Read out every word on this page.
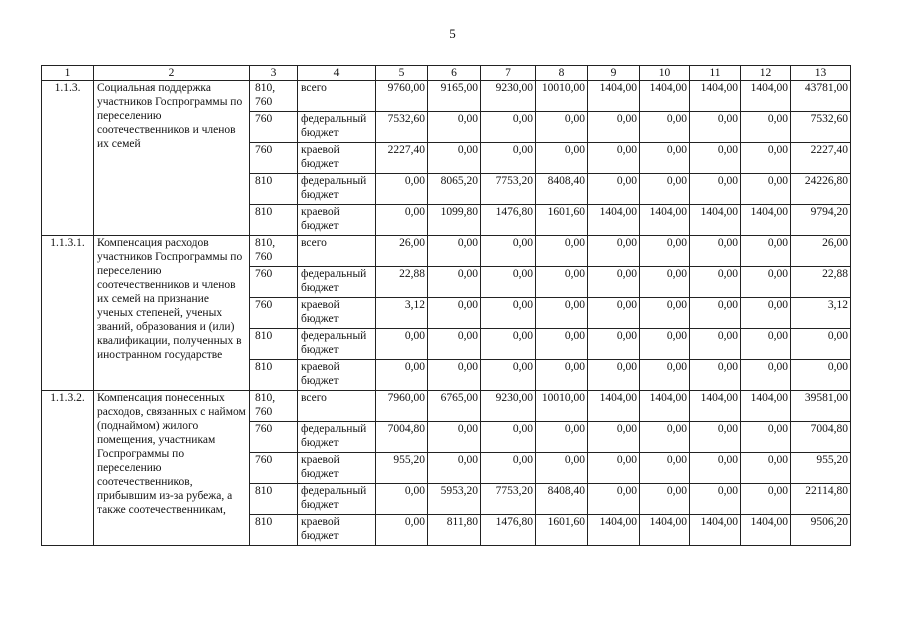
5
1	2	3	4	5	6	7	8	9	10	11	12	13
1.1.3.	Социальная поддержка участников Госпрограммы по переселению соотечественников и членов их семей	810, 760	всего	9760,00	9165,00	9230,00	10010,00	1404,00	1404,00	1404,00	1404,00	43781,00
		760	федеральный бюджет	7532,60	0,00	0,00	0,00	0,00	0,00	0,00	0,00	7532,60
		760	краевой бюджет	2227,40	0,00	0,00	0,00	0,00	0,00	0,00	0,00	2227,40
		810	федеральный бюджет	0,00	8065,20	7753,20	8408,40	0,00	0,00	0,00	0,00	24226,80
		810	краевой бюджет	0,00	1099,80	1476,80	1601,60	1404,00	1404,00	1404,00	1404,00	9794,20
1.1.3.1.	Компенсация расходов участников Госпрограммы по переселению соотечественников и членов их семей на признание ученых степеней, ученых званий, образования и (или) квалификации, полученных в иностранном государстве	810, 760	всего	26,00	0,00	0,00	0,00	0,00	0,00	0,00	0,00	26,00
		760	федеральный бюджет	22,88	0,00	0,00	0,00	0,00	0,00	0,00	0,00	22,88
		760	краевой бюджет	3,12	0,00	0,00	0,00	0,00	0,00	0,00	0,00	3,12
		810	федеральный бюджет	0,00	0,00	0,00	0,00	0,00	0,00	0,00	0,00	0,00
		810	краевой бюджет	0,00	0,00	0,00	0,00	0,00	0,00	0,00	0,00	0,00
1.1.3.2.	Компенсация понесенных расходов, связанных с наймом (поднаймом) жилого помещения, участникам Госпрограммы по переселению соотечественников, прибывшим из-за рубежа, а также соотечественникам,	810, 760	всего	7960,00	6765,00	9230,00	10010,00	1404,00	1404,00	1404,00	1404,00	39581,00
		760	федеральный бюджет	7004,80	0,00	0,00	0,00	0,00	0,00	0,00	0,00	7004,80
		760	краевой бюджет	955,20	0,00	0,00	0,00	0,00	0,00	0,00	0,00	955,20
		810	федеральный бюджет	0,00	5953,20	7753,20	8408,40	0,00	0,00	0,00	0,00	22114,80
		810	краевой бюджет	0,00	811,80	1476,80	1601,60	1404,00	1404,00	1404,00	1404,00	9506,20
